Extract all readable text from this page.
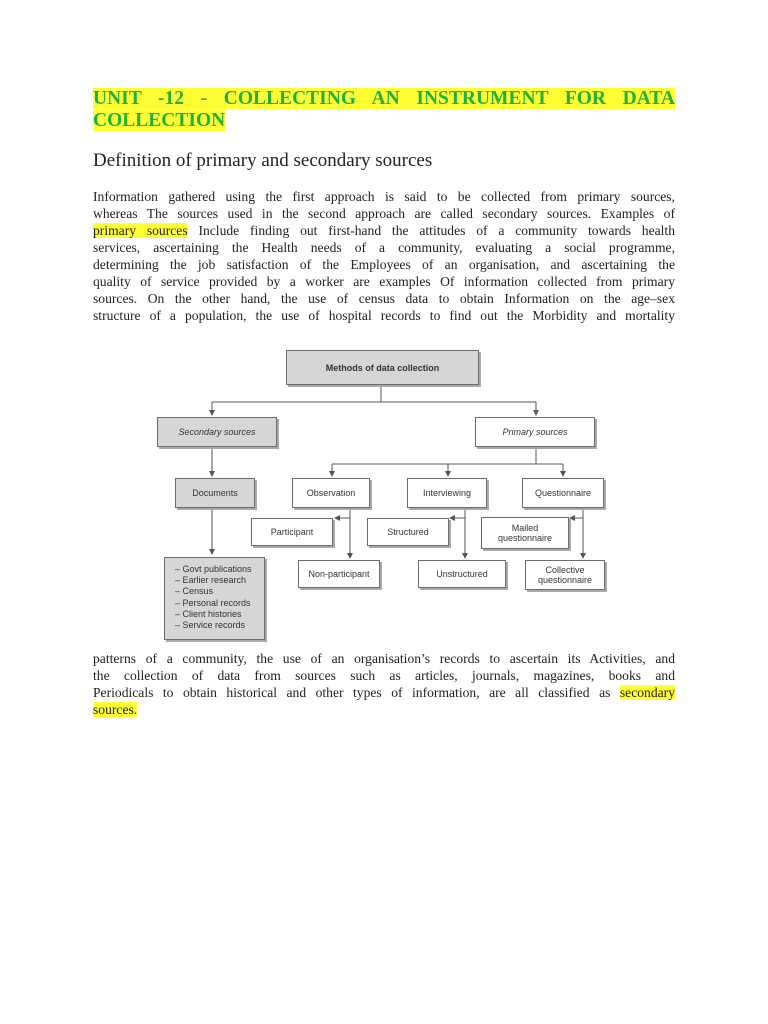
UNIT -12 - COLLECTING AN INSTRUMENT FOR DATA COLLECTION
Definition of primary and secondary sources
Information gathered using the first approach is said to be collected from primary sources,
whereas The sources used in the second approach are called secondary sources. Examples of
primary sources Include finding out first-hand the attitudes of a community towards health
services, ascertaining the Health needs of a community, evaluating a social programme,
determining the job satisfaction of the Employees of an organisation, and ascertaining the
quality of service provided by a worker are examples Of information collected from primary
sources. On the other hand, the use of census data to obtain Information on the age–sex
structure of a population, the use of hospital records to find out the Morbidity and mortality
Methods of data collection
Secondary sources	Primary sources
Documents	Observation	Interviewing	Questionnaire
Participant	Structured	Mailed
questionnaire
– Govt publications
– Earlier research
– Census
– Personal records
– Client histories
– Service records
Non-participant	Unstructured	Collective
questionnaire
patterns of a community, the use of an organisation’s records to ascertain its Activities, and
the collection of data from sources such as articles, journals, magazines, books and
Periodicals to obtain historical and other types of information, are all classified as secondary
sources.
